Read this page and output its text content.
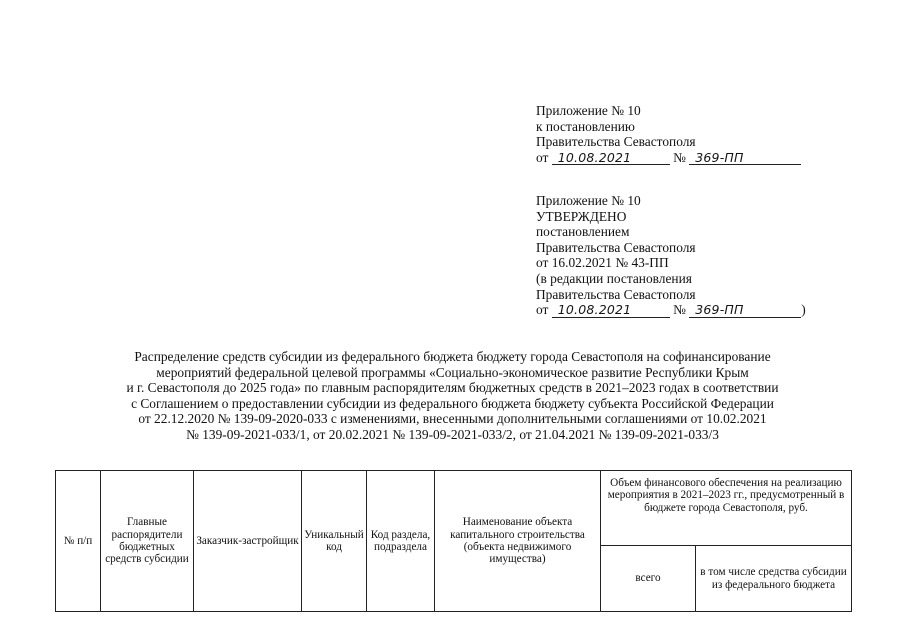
Приложение № 10
к постановлению
Правительства Севастополя
от 10.08.2021	№ 369-ПП
Приложение № 10
УТВЕРЖДЕНО
постановлением
Правительства Севастополя
от 16.02.2021 № 43-ПП
(в редакции постановления
Правительства Севастополя
от 10.08.2021	№ 369-ПП	)
Распределение средств субсидии из федерального бюджета бюджету города Севастополя на софинансирование
мероприятий федеральной целевой программы «Социально-экономическое развитие Республики Крым
и г. Севастополя до 2025 года» по главным распорядителям бюджетных средств в 2021–2023 годах в соответствии
с Соглашением о предоставлении субсидии из федерального бюджета бюджету субъекта Российской Федерации
от 22.12.2020 № 139-09-2020-033 с изменениями, внесенными дополнительными соглашениями от 10.02.2021
№ 139-09-2021-033/1, от 20.02.2021 № 139-09-2021-033/2, от 21.04.2021 № 139-09-2021-033/3
№ п/п	Главные распорядители бюджетных средств субсидии	Заказчик-застройщик	Уникальный код	Код раздела, подраздела	Наименование объекта капитального строительства (объекта недвижимого имущества)	Объем финансового обеспечения на реализацию мероприятия в 2021–2023 гг., предусмотренный в бюджете города Севастополя, руб.	
						всего	в том числе средства субсидии из федерального бюджета
